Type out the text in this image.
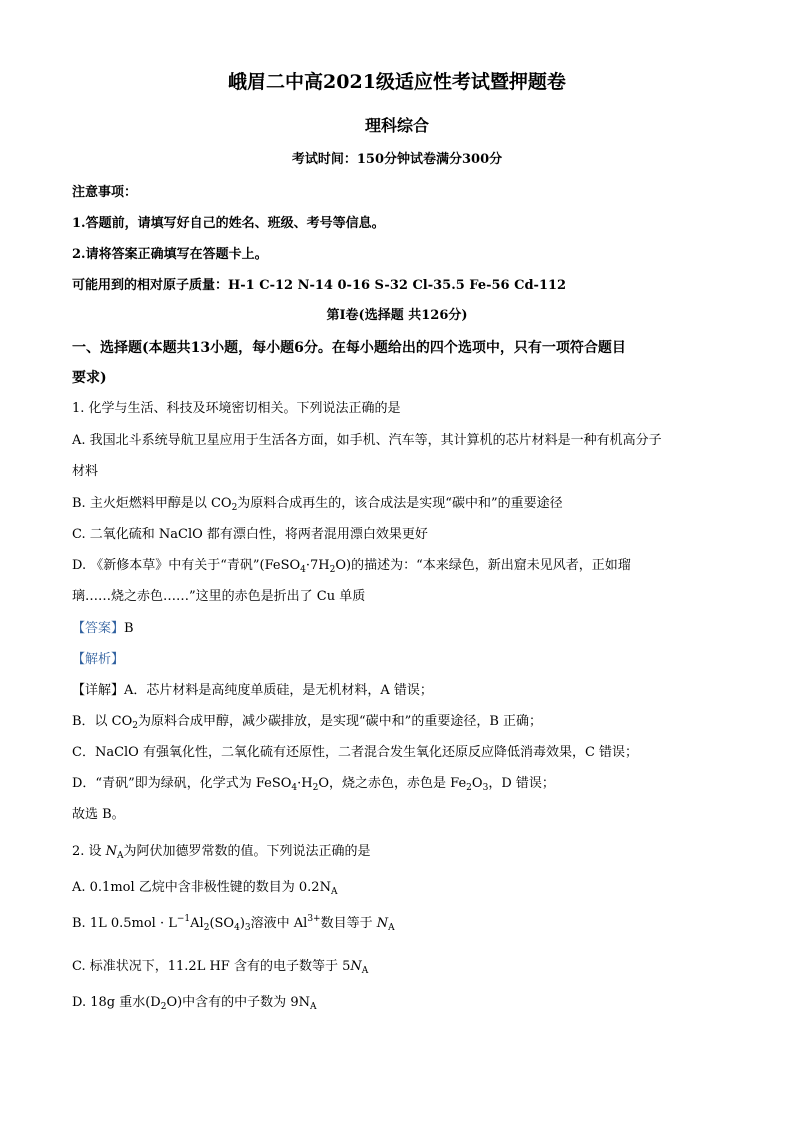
峨眉二中高2021级适应性考试暨押题卷
理科综合
考试时间：150分钟试卷满分300分
注意事项：
1.答题前，请填写好自己的姓名、班级、考号等信息。
2.请将答案正确填写在答题卡上。
可能用到的相对原子质量：H-1 C-12 N-14 0-16 S-32 Cl-35.5 Fe-56 Cd-112
第Ⅰ卷(选择题 共126分)
一、选择题(本题共13小题，每小题6分。在每小题给出的四个选项中，只有一项符合题目
要求)
1. 化学与生活、科技及环境密切相关。下列说法正确的是
A. 我国北斗系统导航卫星应用于生活各方面，如手机、汽车等，其计算机的芯片材料是一种有机高分子
材料
B. 主火炬燃料甲醇是以 $CO_2$为原料合成再生的，该合成法是实现“碳中和”的重要途径
C. 二氧化硫和 NaClO 都有漂白性，将两者混用漂白效果更好
D. 《新修本草》中有关于“青矾$”(FeSO_4\cdot 7H_2O)$的描述为：“本来绿色，新出窟未见风者，正如瑠
璃……烧之赤色……”这里的赤色是折出了 Cu 单质
【答案】B
【解析】
【详解】A．芯片材料是高纯度单质硅，是无机材料，A 错误；
B．以 $CO_2$为原料合成甲醇，减少碳排放，是实现“碳中和”的重要途径，B 正确；
C．NaClO 有强氧化性，二氧化硫有还原性，二者混合发生氧化还原反应降低消毒效果，C 错误；
D．“青矾”即为绿矾，化学式为 $FeSO_4\cdot H_2O$，烧之赤色，赤色是 $Fe_2O_3$，D 错误；
故选 B。
2. 设 $N_A$为阿伏加德罗常数的值。下列说法正确的是
A. 0.1mol 乙烷中含非极性键的数目为 $0.2N_A$
B. 1L $0.5mol \cdot L^{-1}Al_2(SO_4)_3$溶液中 $Al^{3+}$数目等于 $N_A$
C. 标准状况下，11.2L HF 含有的电子数等于 $5N_A$
D. 18g 重水$(D_2O)$中含有的中子数为 $9N_A$
